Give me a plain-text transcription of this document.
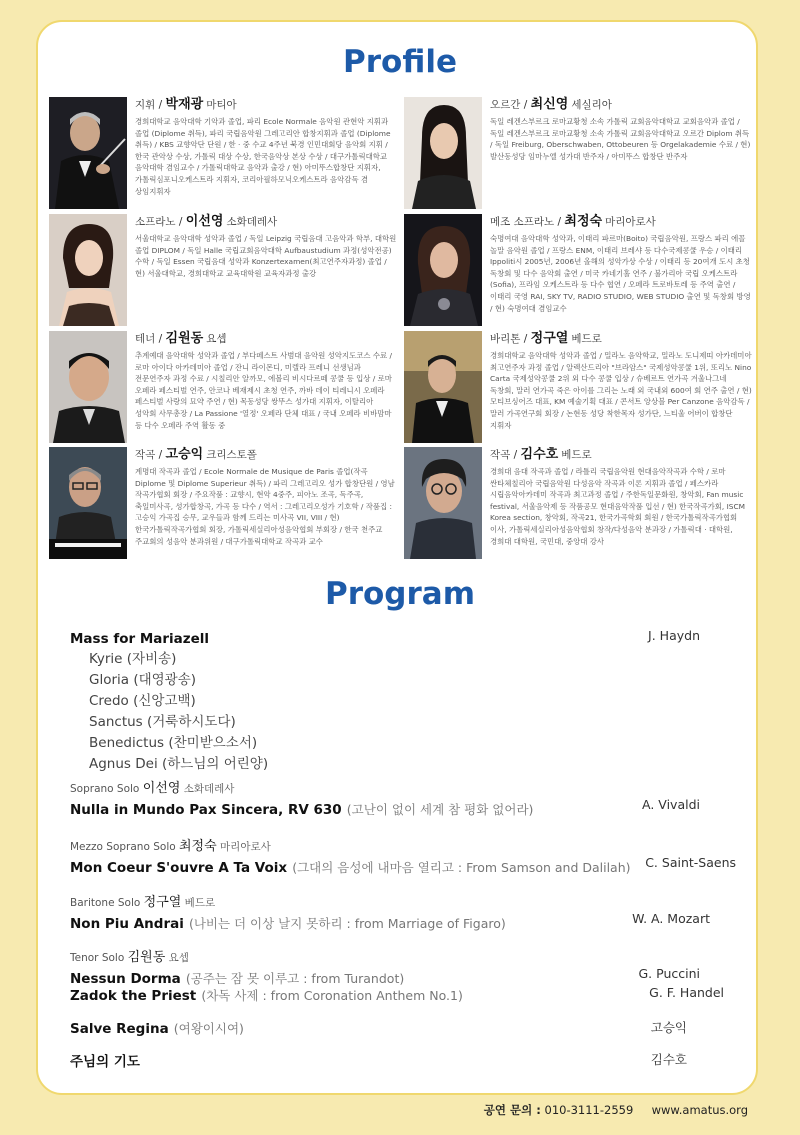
Profile
지휘 / 박재광 마티아
경희대학교 음악대학 기악과 졸업, 파리 Ecole Normale 음악원 관현악 지휘과 졸업 (Diplome 취득), 파리 국립음악원 그레고리안 합창지휘과 졸업 (Diplome 취득) / KBS 교향악단 단원 / 한 · 중 수교 4주년 북경 인민대회당 음악회 지휘 / 한국 관악상 수상, 가톨릭 대상 수상, 한국음악상 본상 수상 / 대구가톨릭대학교 음악대학 겸임교수 / 가톨릭대학교 음악과 출강 / 현) 아미뚜스합창단 지휘자, 가톨릭심포니오케스트라 지휘자, 코리아필하모닉오케스트라 음악감독 겸 상임지휘자
오르간 / 최신영 세실리아
독일 레겐스부르크 로마교황청 소속 가톨릭 교회음악대학교 교회음악과 졸업 / 독일 레겐스부르크 로마교황청 소속 가톨릭 교회음악대학교 오르간 Diplom 취득 / 독일 Freiburg, Oberschwaben, Ottobeuren 등 Orgelakademie 수료 / 현) 발산동성당 임마누엘 성가대 반주자 / 아미뚜스 합창단 반주자
소프라노 / 이선영 소화데레사
서울대학교 음악대학 성악과 졸업 / 독일 Leipzig 국립음대 고음악과 학부, 대학원 졸업 DIPLOM / 독일 Halle 국립교회음악대학 Aufbaustudium 과정(성악전공) 수학 / 독일 Essen 국립음대 성악과 Konzertexamen(최고연주자과정) 졸업 / 현) 서울대학교, 경희대학교 교육대학원 교육자과정 출강
메조 소프라노 / 최정숙 마리아로사
숙명여대 음악대학 성악과, 이태리 파르마(Boito) 국립음악원, 프랑스 파리 에꼴 놀말 음악원 졸업 / 프랑스 ENM, 이태리 브레샤 등 다수국제콩쿨 우승 / 이태리 Ippoliti시 2005년, 2006년 올해의 성악가상 수상 / 이태리 등 20여개 도시 초청 독창회 및 다수 음악회 출연 / 미국 카네기홀 연주 / 불가리아 국립 오케스트라(Sofia), 프라임 오케스트라 등 다수 협연 / 오페라 트로바토레 등 주역 출연 / 이태리 국영 RAI, SKY TV, RADIO STUDIO, WEB STUDIO 출연 및 독창회 방영 / 현) 숙명여대 겸임교수
테너 / 김원동 요셉
추계예대 음악대학 성악과 졸업 / 부다페스트 사범대 음악원 성악지도코스 수료 / 로마 아이다 아카데미아 졸업 / 잔니 라이몬디, 미렐라 프레니 선생님과 전문연주자 과정 수료 / 시칠리안 알까모, 에볼리 비시다르떼 콩쿨 등 입상 / 로마 오페라 페스티벌 연주, 안코나 베재제시 초청 연주, 까바 데이 티레니시 오페라 페스티벌 사랑의 묘약 주연 / 현) 목동성당 쌍뚜스 성가대 지휘자, 이탈리아 성악회 사무총장 / La Passione '열정' 오페라 단체 대표 / 국내 오페라 비바맘마 등 다수 오페라 주역 활동 중
바리톤 / 정구열 베드로
경희대학교 음악대학 성악과 졸업 / 밀라노 음악학교, 밀라노 도니제띠 아카데미아 최고연주자 과정 졸업 / 알렉산드리아 "브라암스" 국제성악콩쿨 1위, 또리노 Nino Carta 국제성악콩쿨 2위 외 다수 콩쿨 입상 / 슈베르트 연가곡 겨울나그네 독창회, 말러 연가곡 죽은 아이를 그리는 노래 외 국내외 600여 회 연주 출연 / 현) 모티브싱어즈 대표, KM 예술기획 대표 / 콘서트 앙상블 Per Canzone 음악감독 / 말러 가곡연구회 회장 / 논현동 성당 착한목자 성가단, 느티울 어버이 합창단 지휘자
작곡 / 고승익 크리스토폴
계명대 작곡과 졸업 / Ecole Normale de Musique de Paris 졸업(작곡 Diplome 및 Diplome Superieur 취득) / 파리 그레고리오 성가 합창단원 / 영남 작곡가협회 회장 / 주요작품 : 교향시, 현악 4중주, 피아노 조곡, 독주곡, 축일미사곡, 성가합창곡, 가곡 등 다수 / 역서 : 그레고리오성가 기호학 / 작품집 : 고승익 가곡집 승무, 교우들과 함께 드리는 미사곡 VII, VIII / 현) 한국가톨릭작곡가협회 회장, 가톨릭세실리아성음악협회 부회장 / 한국 천주교 주교회의 성음악 분과위원 / 대구가톨릭대학교 작곡과 교수
작곡 / 김수호 베드로
경희대 음대 작곡과 졸업 / 라틀리 국립음악원 현대음악작곡과 수학 / 로마 싼타체칠리아 국립음악원 다성음악 작곡과 이론 지휘과 졸업 / 페스카라 시립음악아카데미 작곡과 최고과정 졸업 / 주한독일문화원, 창악회, Fan music festival, 서울음악제 등 작품공모 현대음악작품 입선 / 현) 한국작곡가회, ISCM Korea section, 창악회, 작곡21, 한국가곡학회 회원 / 한국가톨릭작곡가협회 이사, 가톨릭세실리아성음악협회 창작/다성음악 분과장 / 가톨릭대 · 대학원, 경희대 대학원, 국민대, 중앙대 강사
Program
Mass for Mariazell	J. Haydn
Kyrie (자비송)
Gloria (대영광송)
Credo (신앙고백)
Sanctus (거룩하시도다)
Benedictus (찬미받으소서)
Agnus Dei (하느님의 어린양)
Soprano Solo 이선영 소화데레사
Nulla in Mundo Pax Sincera, RV 630 (고난이 없이 세계 참 평화 없어라)	A. Vivaldi
Mezzo Soprano Solo 최정숙 마리아로사
Mon Coeur S'ouvre A Ta Voix (그대의 음성에 내마음 열리고 : From Samson and Dalilah)	C. Saint-Saens
Baritone Solo 정구열 베드로
Non Piu Andrai (나비는 더 이상 날지 못하리 : from Marriage of Figaro)	W. A. Mozart
Tenor Solo 김원동 요셉
Nessun Dorma (공주는 잠 못 이루고 : from Turandot)	G. Puccini
Zadok the Priest (차독 사제 : from Coronation Anthem No.1)	G. F. Handel
Salve Regina (여왕이시여)	고승익
주님의 기도	김수호
공연 문의 : 010-3111-2559 www.amatus.org
